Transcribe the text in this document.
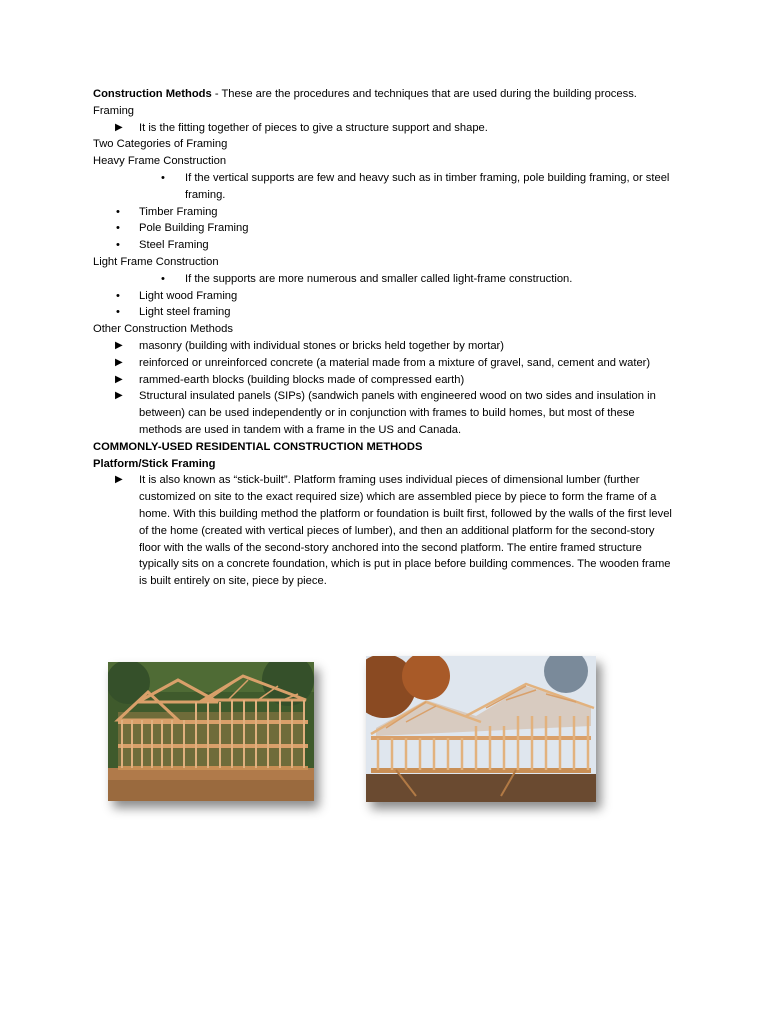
Construction Methods - These are the procedures and techniques that are used during the building process.

Framing

▶ It is the fitting together of pieces to give a structure support and shape.

Two Categories of Framing

Heavy Frame Construction

• If the vertical supports are few and heavy such as in timber framing, pole building framing, or steel framing.

• Timber Framing

• Pole Building Framing

• Steel Framing

Light Frame Construction

• If the supports are more numerous and smaller called light-frame construction.

• Light wood Framing

• Light steel framing

Other Construction Methods

▶ masonry (building with individual stones or bricks held together by mortar)

▶ reinforced or unreinforced concrete (a material made from a mixture of gravel, sand, cement and water)

▶ rammed-earth blocks (building blocks made of compressed earth)

▶ Structural insulated panels (SIPs) (sandwich panels with engineered wood on two sides and insulation in between) can be used independently or in conjunction with frames to build homes, but most of these methods are used in tandem with a frame in the US and Canada.

COMMONLY-USED RESIDENTIAL CONSTRUCTION METHODS

Platform/Stick Framing

▶ It is also known as “stick-built”. Platform framing uses individual pieces of dimensional lumber (further customized on site to the exact required size) which are assembled piece by piece to form the frame of a home. With this building method the platform or foundation is built first, followed by the walls of the first level of the home (created with vertical pieces of lumber), and then an additional platform for the second-story floor with the walls of the second-story anchored into the second platform. The entire framed structure typically sits on a concrete foundation, which is put in place before building commences. The wooden frame is built entirely on site, piece by piece.
